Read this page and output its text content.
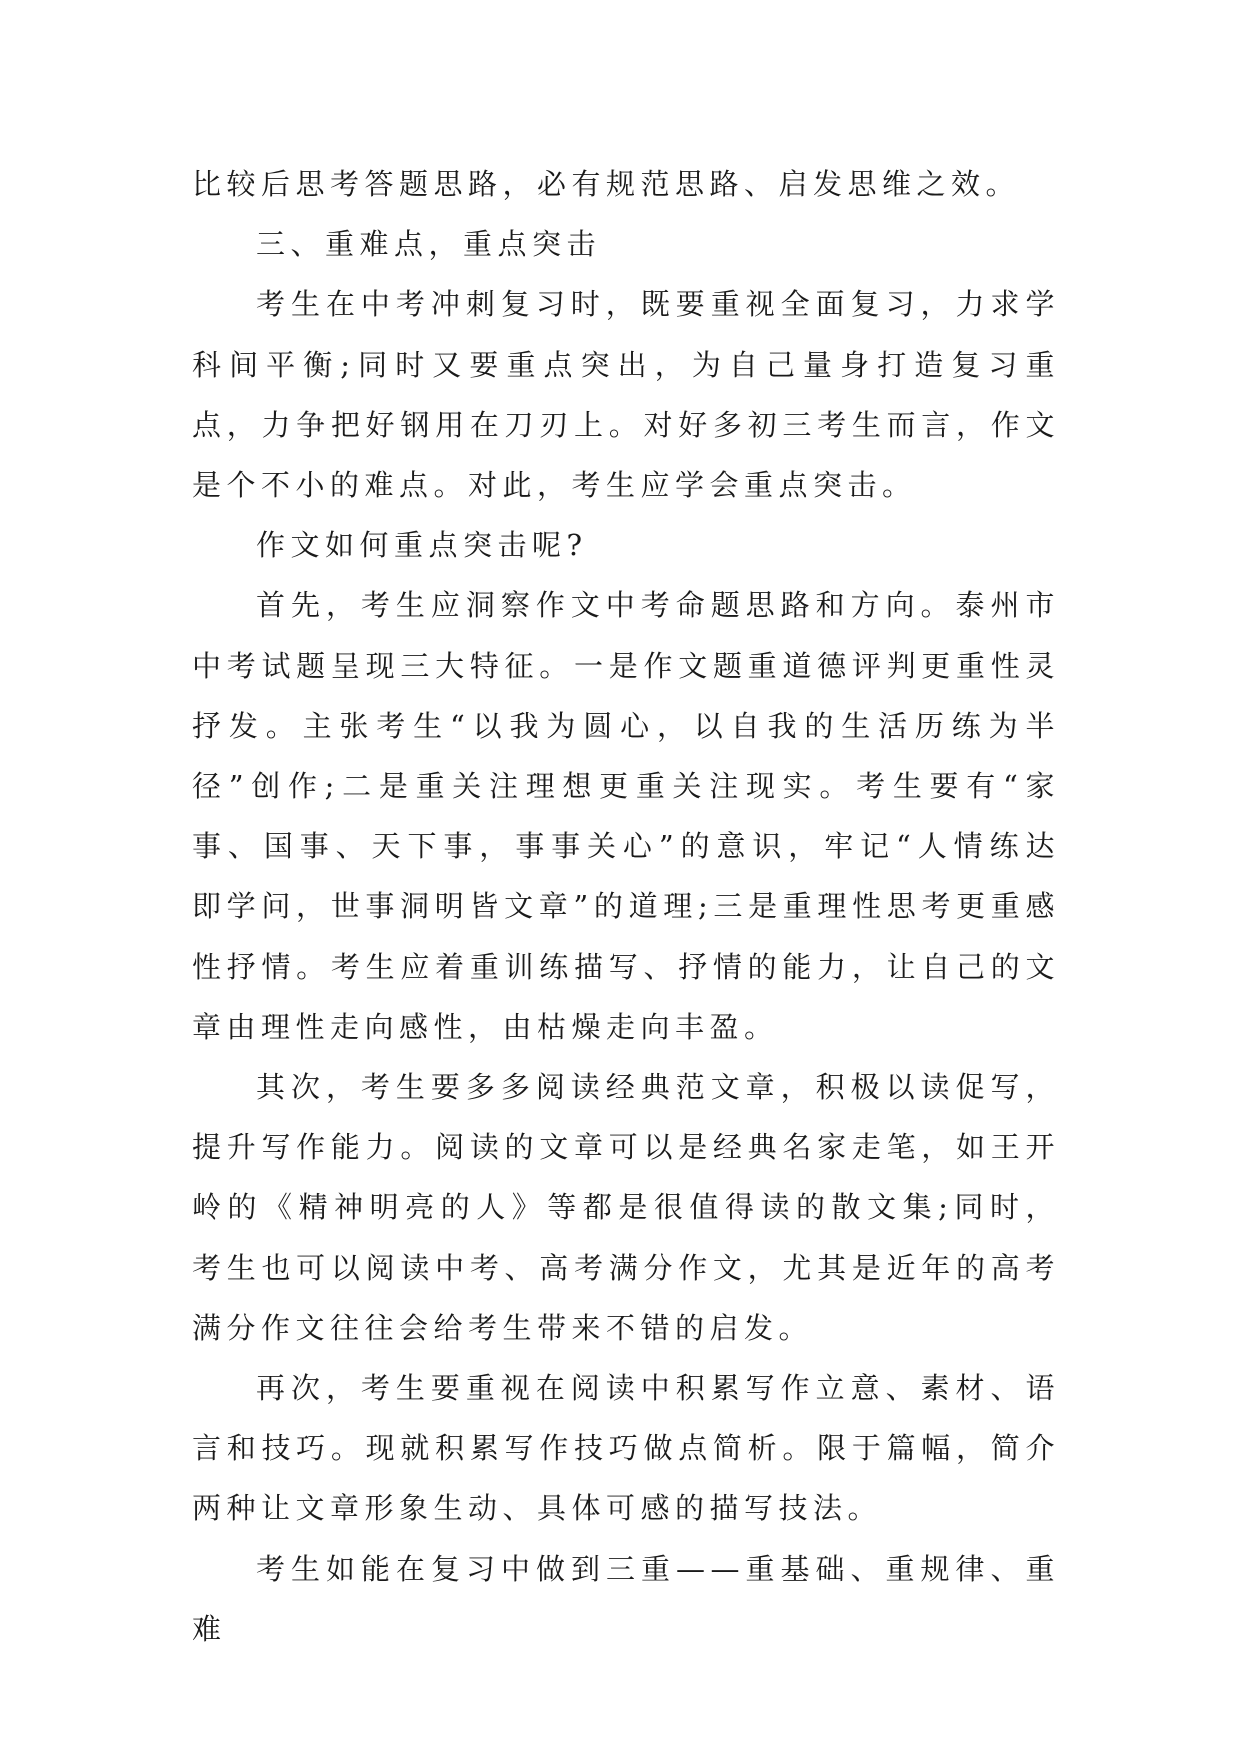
比较后思考答题思路，必有规范思路、启发思维之效。

三、重难点，重点突击

考生在中考冲刺复习时，既要重视全面复习，力求学科间平衡;同时又要重点突出，为自己量身打造复习重点，力争把好钢用在刀刃上。对好多初三考生而言，作文是个不小的难点。对此，考生应学会重点突击。

作文如何重点突击呢?

首先，考生应洞察作文中考命题思路和方向。泰州市中考试题呈现三大特征。一是作文题重道德评判更重性灵抒发。主张考生“以我为圆心，以自我的生活历练为半径”创作;二是重关注理想更重关注现实。考生要有“家事、国事、天下事，事事关心”的意识，牢记“人情练达即学问，世事洞明皆文章”的道理;三是重理性思考更重感性抒情。考生应着重训练描写、抒情的能力，让自己的文章由理性走向感性，由枯燥走向丰盈。

其次，考生要多多阅读经典范文章，积极以读促写，提升写作能力。阅读的文章可以是经典名家走笔，如王开岭的《精神明亮的人》等都是很值得读的散文集;同时，考生也可以阅读中考、高考满分作文，尤其是近年的高考满分作文往往会给考生带来不错的启发。

再次，考生要重视在阅读中积累写作立意、素材、语言和技巧。现就积累写作技巧做点简析。限于篇幅，简介两种让文章形象生动、具体可感的描写技法。

考生如能在复习中做到三重——重基础、重规律、重难
